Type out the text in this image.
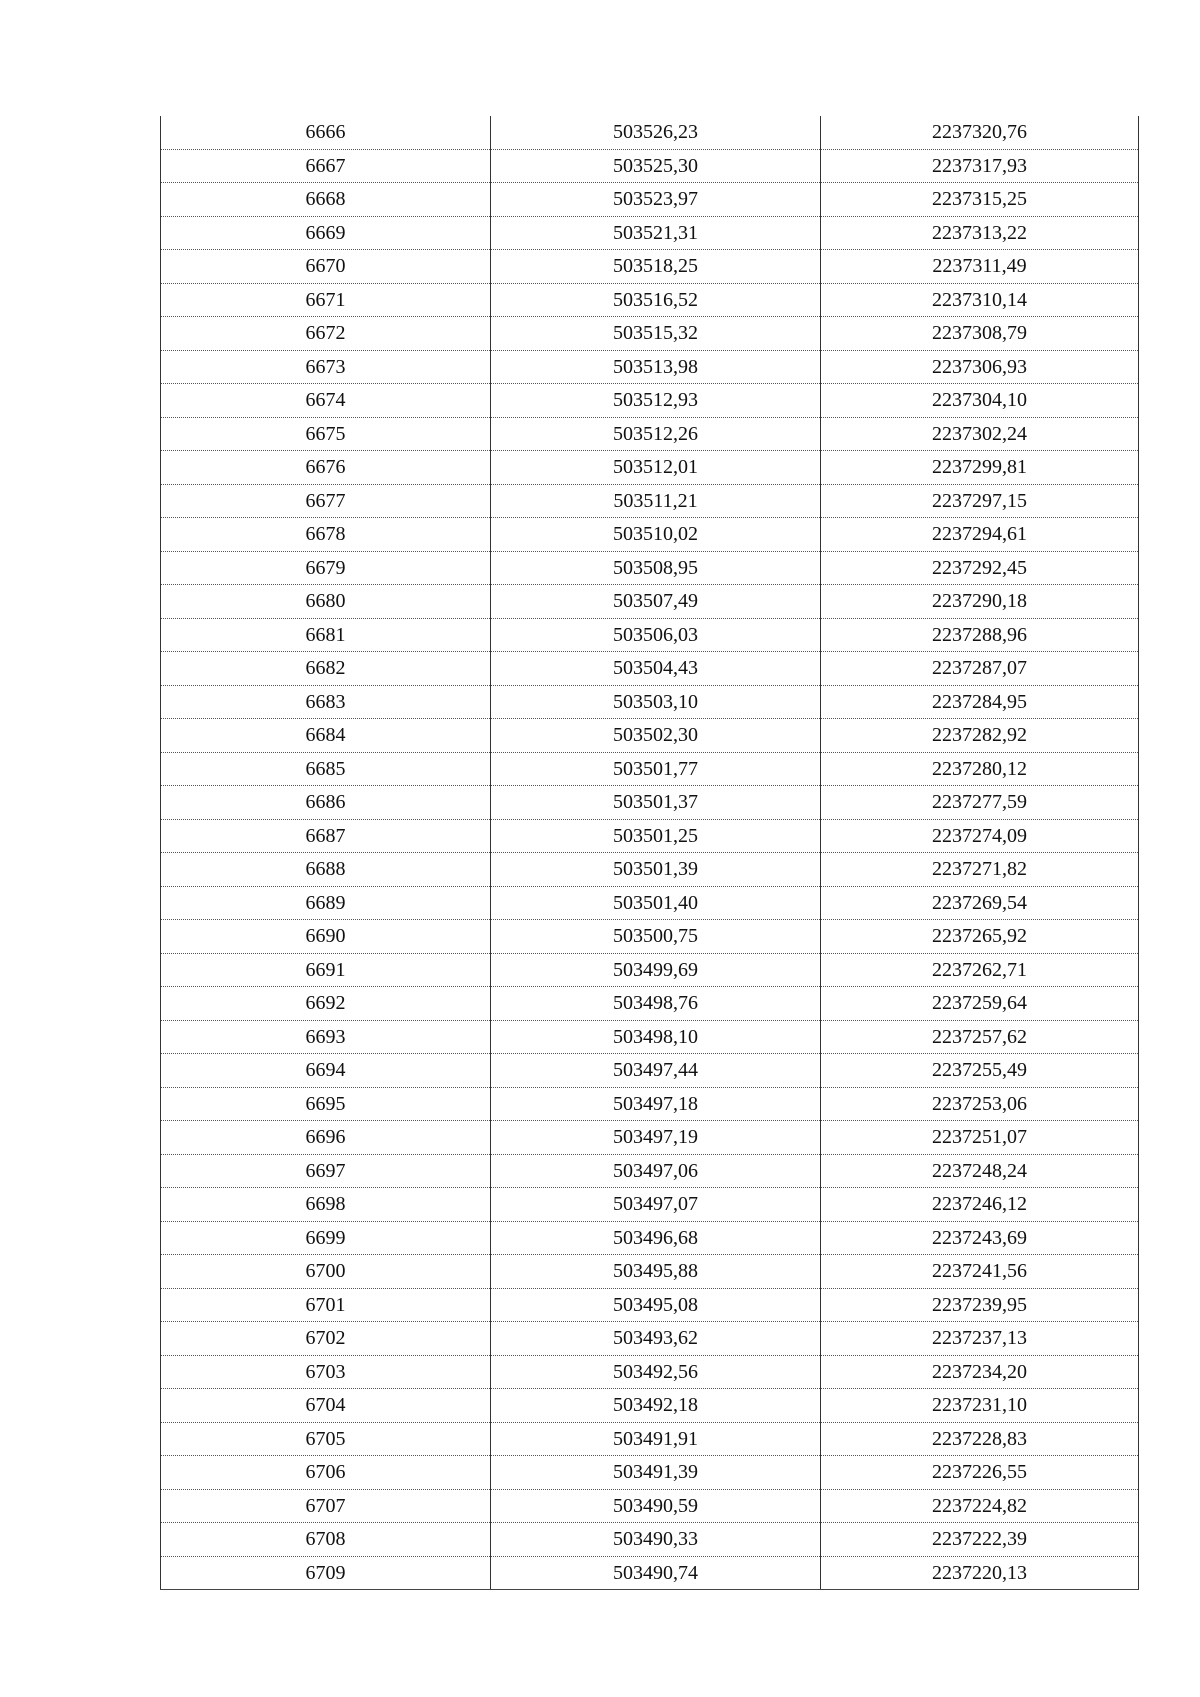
6666	503526,23	2237320,76
6667	503525,30	2237317,93
6668	503523,97	2237315,25
6669	503521,31	2237313,22
6670	503518,25	2237311,49
6671	503516,52	2237310,14
6672	503515,32	2237308,79
6673	503513,98	2237306,93
6674	503512,93	2237304,10
6675	503512,26	2237302,24
6676	503512,01	2237299,81
6677	503511,21	2237297,15
6678	503510,02	2237294,61
6679	503508,95	2237292,45
6680	503507,49	2237290,18
6681	503506,03	2237288,96
6682	503504,43	2237287,07
6683	503503,10	2237284,95
6684	503502,30	2237282,92
6685	503501,77	2237280,12
6686	503501,37	2237277,59
6687	503501,25	2237274,09
6688	503501,39	2237271,82
6689	503501,40	2237269,54
6690	503500,75	2237265,92
6691	503499,69	2237262,71
6692	503498,76	2237259,64
6693	503498,10	2237257,62
6694	503497,44	2237255,49
6695	503497,18	2237253,06
6696	503497,19	2237251,07
6697	503497,06	2237248,24
6698	503497,07	2237246,12
6699	503496,68	2237243,69
6700	503495,88	2237241,56
6701	503495,08	2237239,95
6702	503493,62	2237237,13
6703	503492,56	2237234,20
6704	503492,18	2237231,10
6705	503491,91	2237228,83
6706	503491,39	2237226,55
6707	503490,59	2237224,82
6708	503490,33	2237222,39
6709	503490,74	2237220,13
